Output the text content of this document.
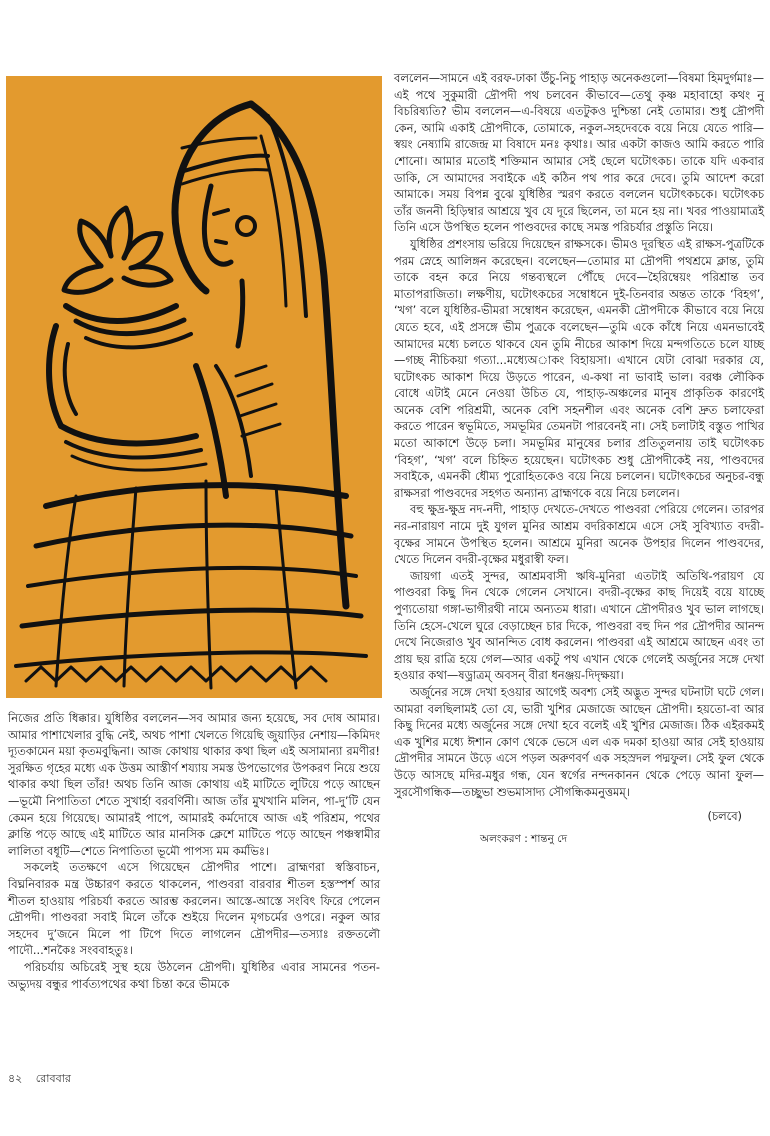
বললেন—সামনে এই বরফ-ঢাকা উঁচু-নিচু পাহাড় অনেকগুলো—বিষমা হিমদুর্গমাঃ—এই পথে সুকুমারী দ্রৌপদী পথ চলবেন কীভাবে—তেথু কৃষ্ণ মহাবাহো কথং নু বিচরিষ্যতি? ভীম বললেন—এ-বিষয়ে এতটুকও দুশ্চিন্তা নেই তোমার। শুধু দ্রৌপদী কেন, আমি একাই দ্রৌপদীকে, তোমাকে, নকুল-সহদেবকে বয়ে নিয়ে যেতে পারি—স্বয়ং নেষ্যামি রাজেন্দ্র মা বিষাদে মনঃ কৃথাঃ। আর একটা কাজও আমি করতে পারি শোনো। আমার মতোই শক্তিমান আমার সেই ছেলে ঘটোৎকচ। তাকে যদি একবার ডাকি, সে আমাদের সবাইকে এই কঠিন পথ পার করে দেবে। তুমি আদেশ করো আমাকে। সময় বিপন্ন বুঝে যুধিষ্ঠির স্মরণ করতে বললেন ঘটোৎকচকে। ঘটোৎকচ তাঁর জননী হিড়িম্বার আশ্রয়ে খুব যে দূরে ছিলেন, তা মনে হয় না। খবর পাওয়ামাত্রই তিনি এসে উপস্থিত হলেন পাণ্ডবদের কাছে সমস্ত পরিচর্যার প্রস্তুতি নিয়ে।

যুধিষ্ঠির প্রশংসায় ভরিয়ে দিয়েছেন রাক্ষসকে। ভীমও দূরস্থিত এই রাক্ষস-পুত্রটিকে পরম স্নেহে আলিঙ্গন করেছেন। বলেছেন—তোমার মা দ্রৌপদী পথশ্রমে ক্লান্ত, তুমি তাকে বহন করে নিয়ে গন্তব্যস্থলে পৌঁছে দেবে—হৈরিম্বেয়ং পরিশ্রান্ত তব মাতাপরাজিতা। লক্ষণীয়, ঘটোৎকচের সম্বোধনে দুই-তিনবার অন্তত তাকে ‘বিহগ’, ‘খগ’ বলে যুধিষ্ঠির-ভীমরা সম্বোধন করেছেন, এমনকী দ্রৌপদীকে কীভাবে বয়ে নিয়ে যেতে হবে, এই প্রসঙ্গে ভীম পুত্রকে বলেছেন—তুমি একে কাঁধে নিয়ে এমনভাবেই আমাদের মধ্যে চলতে থাকবে যেন তুমি নীচের আকাশ দিয়ে মন্দগতিতে চলে যাচ্ছ—গচ্ছ নীচিকয়া গত্যা...মধ্যেঅাকং বিহায়সা। এখানে যেটা বোঝা দরকার যে, ঘটোৎকচ আকাশ দিয়ে উড়তে পারেন, এ-কথা না ভাবাই ভাল। বরঞ্চ লৌকিক বোধে এটাই মেনে নেওয়া উচিত যে, পাহাড়-অঞ্চলের মানুষ প্রাকৃতিক কারণেই অনেক বেশি পরিশ্রমী, অনেক বেশি সহনশীল এবং অনেক বেশি দ্রুত চলাফেরা করতে পারেন স্বভূমিতে, সমভূমির তেমনটা পারবেনই না। সেই চলাটাই বস্তুত পাখির মতো আকাশে উড়ে চলা। সমভূমির মানুষের চলার প্রতিতুলনায় তাই ঘটোৎকচ ‘বিহগ’, ‘খগ’ বলে চিহ্নিত হয়েছেন। ঘটোৎকচ শুধু দ্রৌপদীকেই নয়, পাণ্ডবদের সবাইকে, এমনকী ধৌম্য পুরোহিতকেও বয়ে নিয়ে চললেন। ঘটোৎকচের অনুচর-বন্ধু রাক্ষসরা পাণ্ডবদের সহগত অন্যান্য ব্রাহ্মণকে বয়ে নিয়ে চললেন।

বহু ক্ষুদ্র-ক্ষুদ্র নদ-নদী, পাহাড় দেখতে-দেখতে পাণ্ডবরা পেরিয়ে গেলেন। তারপর নর-নারায়ণ নামে দুই যুগল মুনির আশ্রম বদরিকাশ্রমে এসে সেই সুবিখ্যাত বদরী-বৃক্ষের সামনে উপস্থিত হলেন। আশ্রমে মুনিরা অনেক উপহার দিলেন পাণ্ডবদের, খেতে দিলেন বদরী-বৃক্ষের মধুরাস্বী ফল।

জায়গা এতই সুন্দর, আশ্রমবাসী ঋষি-মুনিরা এতটাই অতিথি-পরায়ণ যে পাণ্ডবরা কিছু দিন থেকে গেলেন সেখানে। বদরী-বৃক্ষের কাছ দিয়েই বয়ে যাচ্ছে পুণ্যতোয়া গঙ্গা-ভাগীরথী নামে অন্যতম ধারা। এখানে দ্রৌপদীরও খুব ভাল লাগছে। তিনি হেসে-খেলে ঘুরে বেড়াচ্ছেন চার দিকে, পাণ্ডবরা বহু দিন পর দ্রৌপদীর আনন্দ দেখে নিজেরাও খুব আনন্দিত বোধ করলেন। পাণ্ডবরা এই আশ্রমে আছেন এবং তা প্রায় ছয় রাত্রি হয়ে গেল—আর একটু পথ এখান থেকে গেলেই অর্জুনের সঙ্গে দেখা হওয়ার কথা—ষড়্রাত্রম্ অবসন্ বীরা ধনঞ্জয়-দিদৃক্ষয়া।

অর্জুনের সঙ্গে দেখা হওয়ার আগেই অবশ্য সেই অদ্ভুত সুন্দর ঘটনাটা ঘটে গেল। আমরা বলছিলামই তো যে, ভারী খুশির মেজাজে আছেন দ্রৌপদী। হয়তো-বা আর কিছু দিনের মধ্যে অর্জুনের সঙ্গে দেখা হবে বলেই এই খুশির মেজাজ। ঠিক এইরকমই এক খুশির মধ্যে ঈশান কোণ থেকে ভেসে এল এক দমকা হাওয়া আর সেই হাওয়ায় দ্রৌপদীর সামনে উড়ে এসে পড়ল অরুণবর্ণ এক সহস্রদল পদ্মফুল। সেই ফুল থেকে উড়ে আসছে মদির-মধুর গন্ধ, যেন স্বর্গের নন্দনকানন থেকে পেড়ে আনা ফুল—সুরসৌগন্ধিক—তচ্ছুভা শুভমাসাদ্য সৌগন্ধিকমনুত্তমম্।

(চলবে)

অলংকরণ : শান্তনু দে

নিজের প্রতি ধিক্কার। যুধিষ্ঠির বললেন—সব আমার জন্য হয়েছে, সব দোষ আমার। আমার পাশাখেলার বুদ্ধি নেই, অথচ পাশা খেলতে গিয়েছি জুয়াড়ির নেশায়—কিমিদং দ্যূতকামেন ময়া কৃতমবুদ্ধিনা। আজ কোথায় থাকার কথা ছিল এই অসামান্যা রমণীর! সুরক্ষিত গৃহের মধ্যে এক উত্তম আস্তীর্ণ শয্যায় সমস্ত উপভোগের উপকরণ নিয়ে শুয়ে থাকার কথা ছিল তাঁর! অথচ তিনি আজ কোথায় এই মাটিতে লুটিয়ে পড়ে আছেন—ভূমৌ নিপাতিতা শেতে সুখার্হা বরবর্ণিনী। আজ তাঁর মুখখানি মলিন, পা-দু’টি যেন কেমন হয়ে গিয়েছে। আমারই পাপে, আমারই কর্মদোষে আজ এই পরিশ্রম, পথের ক্লান্তি পড়ে আছে এই মাটিতে আর মানসিক ক্লেশে মাটিতে পড়ে আছেন পঞ্চস্বামীর লালিতা বধূটি—শেতে নিপাতিতা ভূমৌ পাপস্য মম কর্মভিঃ।

সকলেই ততক্ষণে এসে গিয়েছেন দ্রৌপদীর পাশে। ব্রাহ্মণরা স্বস্তিবাচন, বিঘ্ননিবারক মন্ত্র উচ্চারণ করতে থাকলেন, পাণ্ডবরা বারবার শীতল হস্তস্পর্শ আর শীতল হাওয়ায় পরিচর্যা করতে আরম্ভ করলেন। আস্তে-আস্তে সংবিৎ ফিরে পেলেন দ্রৌপদী। পাণ্ডবরা সবাই মিলে তাঁকে শুইয়ে দিলেন মৃগচর্মের ওপরে। নকুল আর সহদেব দু’জনে মিলে পা টিপে দিতে লাগলেন দ্রৌপদীর—তস্যাঃ রক্ততলৌ পাদৌ...শনকৈঃ সংববাহতুঃ।

পরিচর্যায় অচিরেই সুস্থ হয়ে উঠলেন দ্রৌপদী। যুধিষ্ঠির এবার সামনের পতন-অভ্যুদয় বন্ধুর পার্বত্যপথের কথা চিন্তা করে ভীমকে

৪২ রোববার
